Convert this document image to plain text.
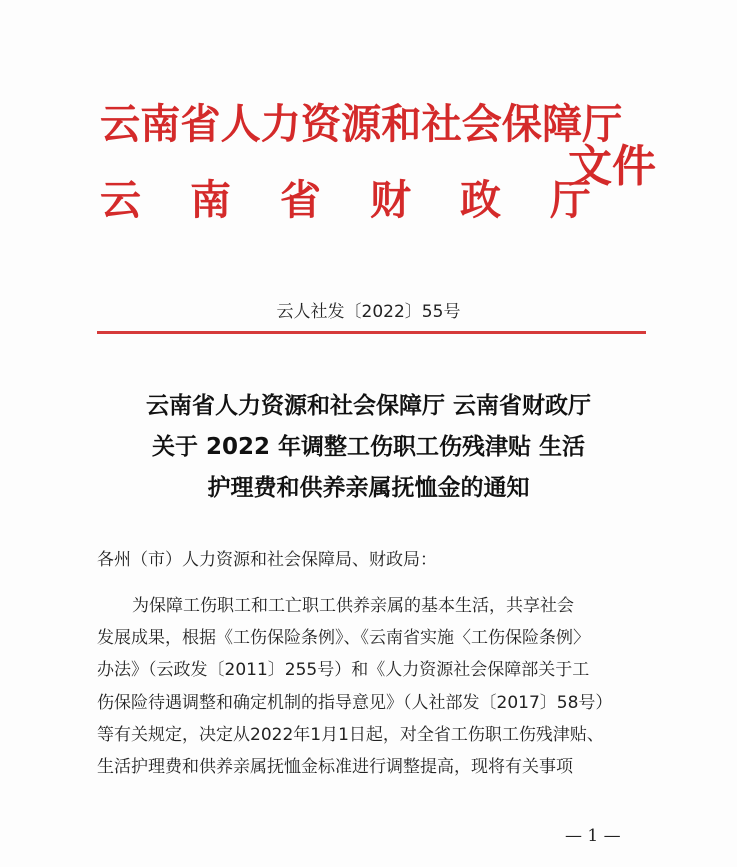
云南省人力资源和社会保障厅
云南省财政厅
文件
云人社发〔2022〕55号
云南省人力资源和社会保障厅 云南省财政厅
关于 2022 年调整工伤职工伤残津贴 生活
护理费和供养亲属抚恤金的通知
各州（市）人力资源和社会保障局、财政局：
为保障工伤职工和工亡职工供养亲属的基本生活，共享社会
发展成果，根据《工伤保险条例》、《云南省实施〈工伤保险条例〉
办法》（云政发〔2011〕255号）和《人力资源社会保障部关于工
伤保险待遇调整和确定机制的指导意见》（人社部发〔2017〕58号）
等有关规定，决定从2022年1月1日起，对全省工伤职工伤残津贴、
生活护理费和供养亲属抚恤金标准进行调整提高，现将有关事项
— 1 —
